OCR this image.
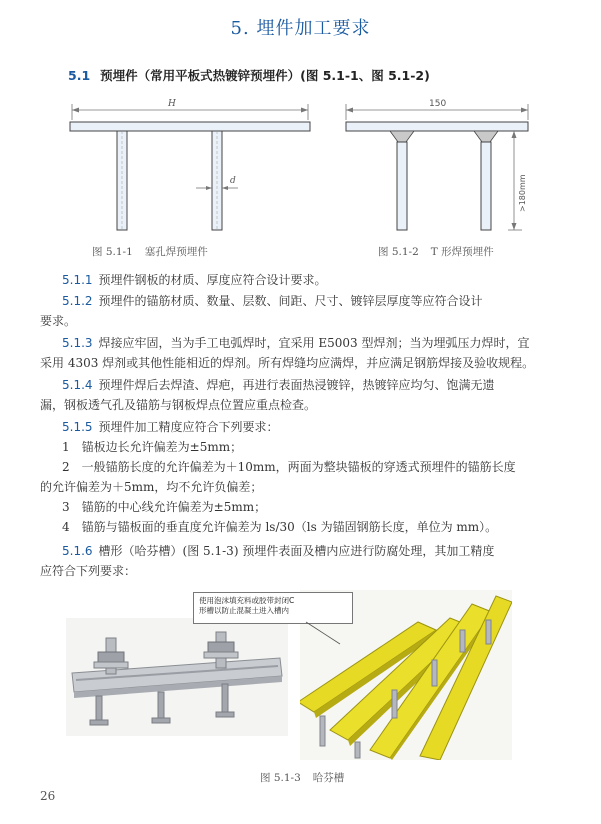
5. 埋件加工要求
5.1 预埋件（常用平板式热镀锌预埋件）(图 5.1-1、图 5.1-2)
H
d
图 5.1-1 塞孔焊预埋件
150
>180mm
图 5.1-2 T 形焊预埋件
5.1.1 预埋件钢板的材质、厚度应符合设计要求。
5.1.2 预埋件的锚筋材质、数量、层数、间距、尺寸、镀锌层厚度等应符合设计
要求。
5.1.3 焊接应牢固，当为手工电弧焊时，宜采用 E5003 型焊剂；当为埋弧压力焊时，宜
采用 4303 焊剂或其他性能相近的焊剂。所有焊缝均应满焊，并应满足钢筋焊接及验收规程。
5.1.4 预埋件焊后去焊渣、焊疤，再进行表面热浸镀锌，热镀锌应均匀、饱满无遗
漏，钢板透气孔及锚筋与钢板焊点位置应重点检查。
5.1.5 预埋件加工精度应符合下列要求：
1　锚板边长允许偏差为±5mm；
2　一般锚筋长度的允许偏差为＋10mm，两面为整块锚板的穿透式预埋件的锚筋长度
的允许偏差为＋5mm，均不允许负偏差；
3　锚筋的中心线允许偏差为±5mm；
4　锚筋与锚板面的垂直度允许偏差为 ls/30（ls 为锚固钢筋长度，单位为 mm）。
5.1.6 槽形（哈芬槽）(图 5.1-3) 预埋件表面及槽内应进行防腐处理，其加工精度
应符合下列要求：
使用泡沫填充料或胶带封闭C
形槽以防止混凝土进入槽内
图 5.1-3 哈芬槽
26
